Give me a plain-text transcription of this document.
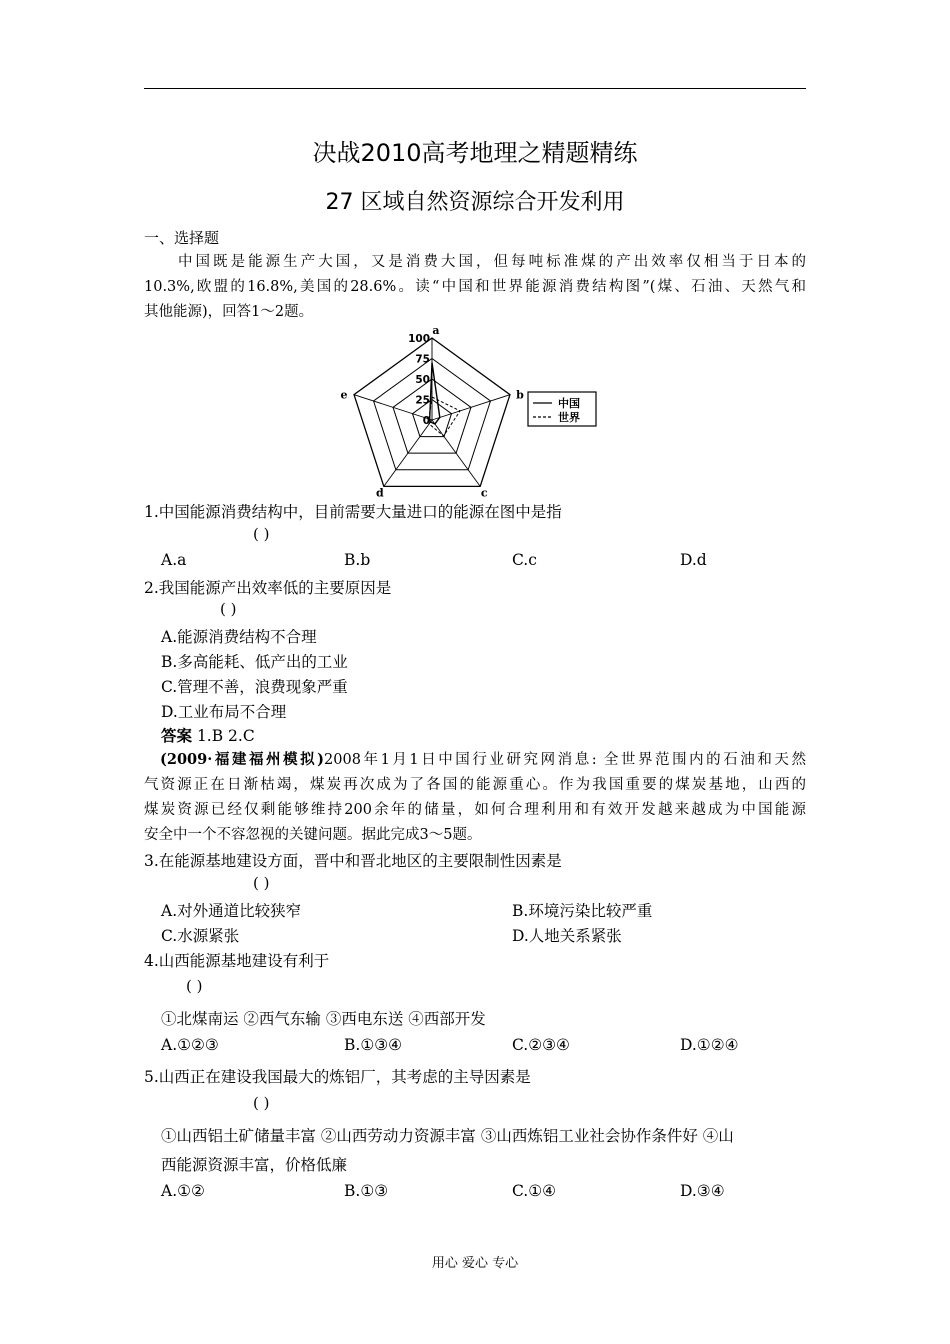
决战2010高考地理之精题精练
27 区域自然资源综合开发利用
一、选择题
中国既是能源生产大国，又是消费大国，但每吨标准煤的产出效率仅相当于日本的
10.3%,欧盟的16.8%,美国的28.6%。读“中国和世界能源消费结构图”(煤、石油、天然气和
其他能源)，回答1～2题。
100
75
50
25
0
a
b
c
d
e
中国
世界
1.中国能源消费结构中，目前需要大量进口的能源在图中是指
( )
A.a	B.b	C.c	D.d
2.我国能源产出效率低的主要原因是
( )
A.能源消费结构不合理
B.多高能耗、低产出的工业
C.管理不善，浪费现象严重
D.工业布局不合理
答案 1.B 2.C
(2009·福建福州模拟)2008年1月1日中国行业研究网消息: 全世界范围内的石油和天然
气资源正在日渐枯竭，煤炭再次成为了各国的能源重心。作为我国重要的煤炭基地，山西的
煤炭资源已经仅剩能够维持200余年的储量，如何合理利用和有效开发越来越成为中国能源
安全中一个不容忽视的关键问题。据此完成3～5题。
3.在能源基地建设方面，晋中和晋北地区的主要限制性因素是
( )
A.对外通道比较狭窄	B.环境污染比较严重
C.水源紧张	D.人地关系紧张
4.山西能源基地建设有利于
( )
①北煤南运 ②西气东输 ③西电东送 ④西部开发
A.①②③	B.①③④	C.②③④	D.①②④
5.山西正在建设我国最大的炼铝厂，其考虑的主导因素是
( )
①山西铝土矿储量丰富 ②山西劳动力资源丰富 ③山西炼铝工业社会协作条件好 ④山
西能源资源丰富，价格低廉
A.①②	B.①③	C.①④	D.③④
用心 爱心 专心
